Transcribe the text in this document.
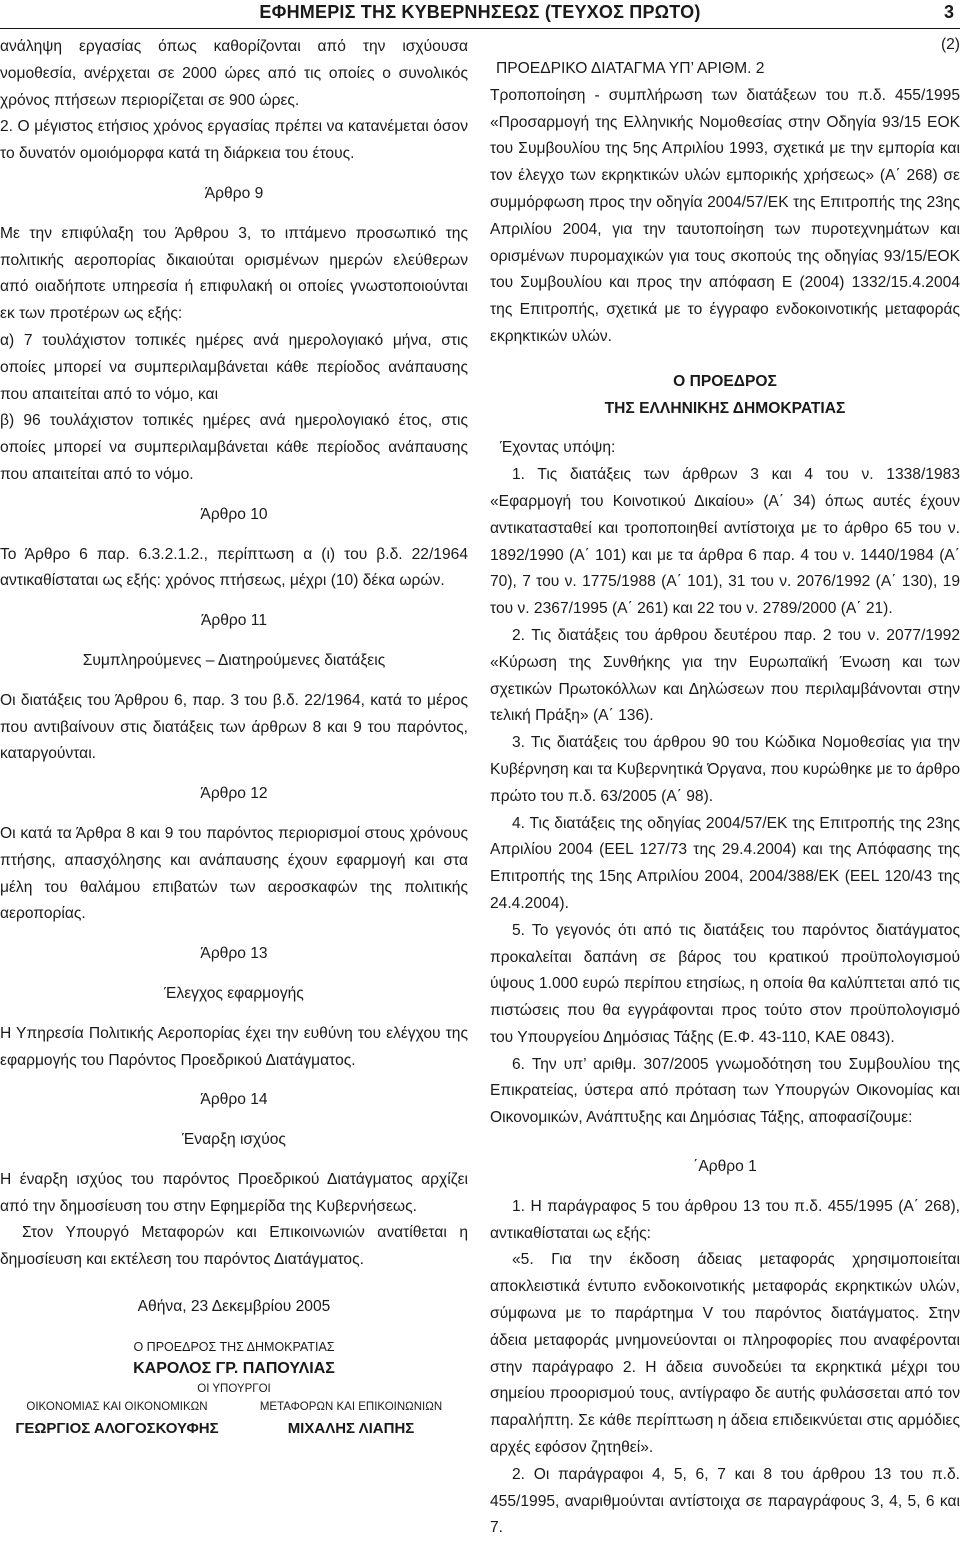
ΕΦΗΜΕΡΙΣ ΤΗΣ ΚΥΒΕΡΝΗΣΕΩΣ (ΤΕΥΧΟΣ ΠΡΩΤΟ)	3

ανάληψη εργασίας όπως καθορίζονται από την ισχύουσα νομοθεσία, ανέρχεται σε 2000 ώρες από τις οποίες ο συνολικός χρόνος πτήσεων περιορίζεται σε 900 ώρες.

2. Ο μέγιστος ετήσιος χρόνος εργασίας πρέπει να κατανέμεται όσον το δυνατόν ομοιόμορφα κατά τη διάρκεια του έτους.

Άρθρο 9

Με την επιφύλαξη του Άρθρου 3, το ιπτάμενο προσωπικό της πολιτικής αεροπορίας δικαιούται ορισμένων ημερών ελεύθερων από οιαδήποτε υπηρεσία ή επιφυλακή οι οποίες γνωστοποιούνται εκ των προτέρων ως εξής:

α) 7 τουλάχιστον τοπικές ημέρες ανά ημερολογιακό μήνα, στις οποίες μπορεί να συμπεριλαμβάνεται κάθε περίοδος ανάπαυσης που απαιτείται από το νόμο, και

β) 96 τουλάχιστον τοπικές ημέρες ανά ημερολογιακό έτος, στις οποίες μπορεί να συμπεριλαμβάνεται κάθε περίοδος ανάπαυσης που απαιτείται από το νόμο.

Άρθρο 10

Το Άρθρο 6 παρ. 6.3.2.1.2., περίπτωση α (ι) του β.δ. 22/1964 αντικαθίσταται ως εξής: χρόνος πτήσεως, μέχρι (10) δέκα ωρών.

Άρθρο 11

Συμπληρούμενες – Διατηρούμενες διατάξεις

Οι διατάξεις του Άρθρου 6, παρ. 3 του β.δ. 22/1964, κατά το μέρος που αντιβαίνουν στις διατάξεις των άρθρων 8 και 9 του παρόντος, καταργούνται.

Άρθρο 12

Οι κατά τα Άρθρα 8 και 9 του παρόντος περιορισμοί στους χρόνους πτήσης, απασχόλησης και ανάπαυσης έχουν εφαρμογή και στα μέλη του θαλάμου επιβατών των αεροσκαφών της πολιτικής αεροπορίας.

Άρθρο 13

Έλεγχος εφαρμογής

Η Υπηρεσία Πολιτικής Αεροπορίας έχει την ευθύνη του ελέγχου της εφαρμογής του Παρόντος Προεδρικού Διατάγματος.

Άρθρο 14

Έναρξη ισχύος

Η έναρξη ισχύος του παρόντος Προεδρικού Διατάγματος αρχίζει από την δημοσίευση του στην Εφημερίδα της Κυβερνήσεως.

Στον Υπουργό Μεταφορών και Επικοινωνιών ανατίθεται η δημοσίευση και εκτέλεση του παρόντος Διατάγματος.

Αθήνα, 23 Δεκεμβρίου 2005

Ο ΠΡΟΕΔΡΟΣ ΤΗΣ ΔΗΜΟΚΡΑΤΙΑΣ

ΚΑΡΟΛΟΣ ΓΡ. ΠΑΠΟΥΛΙΑΣ

ΟΙ ΥΠΟΥΡΓΟΙ

ΟΙΚΟΝΟΜΙΑΣ ΚΑΙ ΟΙΚΟΝΟΜΙΚΩΝ

ΓΕΩΡΓΙΟΣ ΑΛΟΓΟΣΚΟΥΦΗΣ

ΜΕΤΑΦΟΡΩΝ ΚΑΙ ΕΠΙΚΟΙΝΩΝΙΩΝ

ΜΙΧΑΛΗΣ ΛΙΑΠΗΣ

(2)

ΠΡΟΕΔΡΙΚΟ ΔΙΑΤΑΓΜΑ ΥΠ’ ΑΡΙΘΜ. 2

Τροποποίηση - συμπλήρωση των διατάξεων του π.δ. 455/1995 «Προσαρμογή της Ελληνικής Νομοθεσίας στην Οδηγία 93/15 ΕΟΚ του Συμβουλίου της 5ης Απριλίου 1993, σχετικά με την εμπορία και τον έλεγχο των εκρηκτικών υλών εμπορικής χρήσεως» (Α΄ 268) σε συμμόρφωση προς την οδηγία 2004/57/ΕΚ της Επιτροπής της 23ης Απριλίου 2004, για την ταυτοποίηση των πυροτεχνημάτων και ορισμένων πυρομαχικών για τους σκοπούς της οδηγίας 93/15/ΕΟΚ του Συμβουλίου και προς την απόφαση Ε (2004) 1332/15.4.2004 της Επιτροπής, σχετικά με το έγγραφο ενδοκοινοτικής μεταφοράς εκρηκτικών υλών.

Ο ΠΡΟΕΔΡΟΣ

ΤΗΣ ΕΛΛΗΝΙΚΗΣ ΔΗΜΟΚΡΑΤΙΑΣ

Έχοντας υπόψη:

1. Τις διατάξεις των άρθρων 3 και 4 του ν. 1338/1983 «Εφαρμογή του Κοινοτικού Δικαίου» (Α΄ 34) όπως αυτές έχουν αντικατασταθεί και τροποποιηθεί αντίστοιχα με το άρθρο 65 του ν. 1892/1990 (Α΄ 101) και με τα άρθρα 6 παρ. 4 του ν. 1440/1984 (Α΄ 70), 7 του ν. 1775/1988 (Α΄ 101), 31 του ν. 2076/1992 (Α΄ 130), 19 του ν. 2367/1995 (Α΄ 261) και 22 του ν. 2789/2000 (Α΄ 21).

2. Τις διατάξεις του άρθρου δευτέρου παρ. 2 του ν. 2077/1992 «Κύρωση της Συνθήκης για την Ευρωπαϊκή Ένωση και των σχετικών Πρωτοκόλλων και Δηλώσεων που περιλαμβάνονται στην τελική Πράξη» (Α΄ 136).

3. Τις διατάξεις του άρθρου 90 του Κώδικα Νομοθεσίας για την Κυβέρνηση και τα Κυβερνητικά Όργανα, που κυρώθηκε με το άρθρο πρώτο του π.δ. 63/2005 (Α΄ 98).

4. Τις διατάξεις της οδηγίας 2004/57/ΕΚ της Επιτροπής της 23ης Απριλίου 2004 (EEL 127/73 της 29.4.2004) και της Απόφασης της Επιτροπής της 15ης Απριλίου 2004, 2004/388/ΕΚ (EEL 120/43 της 24.4.2004).

5. Το γεγονός ότι από τις διατάξεις του παρόντος διατάγματος προκαλείται δαπάνη σε βάρος του κρατικού προϋπολογισμού ύψους 1.000 ευρώ περίπου ετησίως, η οποία θα καλύπτεται από τις πιστώσεις που θα εγγράφονται προς τούτο στον προϋπολογισμό του Υπουργείου Δημόσιας Τάξης (Ε.Φ. 43-110, ΚΑΕ 0843).

6. Την υπ’ αριθμ. 307/2005 γνωμοδότηση του Συμβουλίου της Επικρατείας, ύστερα από πρόταση των Υπουργών Οικονομίας και Οικονομικών, Ανάπτυξης και Δημόσιας Τάξης, αποφασίζουμε:

΄Αρθρο 1

1. Η παράγραφος 5 του άρθρου 13 του π.δ. 455/1995 (Α΄ 268), αντικαθίσταται ως εξής:

«5. Για την έκδοση άδειας μεταφοράς χρησιμοποιείται αποκλειστικά έντυπο ενδοκοινοτικής μεταφοράς εκρηκτικών υλών, σύμφωνα με το παράρτημα V του παρόντος διατάγματος. Στην άδεια μεταφοράς μνημονεύονται οι πληροφορίες που αναφέρονται στην παράγραφο 2. Η άδεια συνοδεύει τα εκρηκτικά μέχρι του σημείου προορισμού τους, αντίγραφο δε αυτής φυλάσσεται από τον παραλήπτη. Σε κάθε περίπτωση η άδεια επιδεικνύεται στις αρμόδιες αρχές εφόσον ζητηθεί».

2. Οι παράγραφοι 4, 5, 6, 7 και 8 του άρθρου 13 του π.δ. 455/1995, αναριθμούνται αντίστοιχα σε παραγράφους 3, 4, 5, 6 και 7.
